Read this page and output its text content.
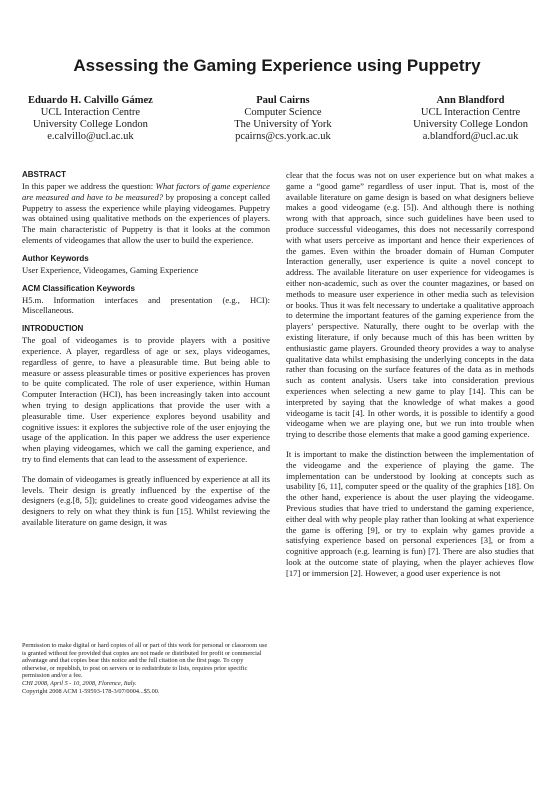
Assessing the Gaming Experience using Puppetry
Eduardo H. Calvillo Gámez
UCL Interaction Centre
University College London
e.calvillo@ucl.ac.uk
Paul Cairns
Computer Science
The University of York
pcairns@cs.york.ac.uk
Ann Blandford
UCL Interaction Centre
University College London
a.blandford@ucl.ac.uk
ABSTRACT

In this paper we address the question: What factors of game experience are measured and have to be measured? by proposing a concept called Puppetry to assess the experience while playing videogames. Puppetry was obtained using qualitative methods on the experiences of players. The main characteristic of Puppetry is that it looks at the common elements of videogames that allow the user to build the experience.

Author Keywords

User Experience, Videogames, Gaming Experience

ACM Classification Keywords

H5.m. Information interfaces and presentation (e.g., HCI): Miscellaneous.

INTRODUCTION

The goal of videogames is to provide players with a positive experience. A player, regardless of age or sex, plays videogames, regardless of genre, to have a pleasurable time. But being able to measure or assess pleasurable times or positive experiences has proven to be quite complicated. The role of user experience, within Human Computer Interaction (HCI), has been increasingly taken into account when trying to design applications that provide the user with a pleasurable time. User experience explores beyond usability and cognitive issues: it explores the subjective role of the user enjoying the usage of the application. In this paper we address the user experience when playing videogames, which we call the gaming experience, and try to find elements that can lead to the assessment of experience.

The domain of videogames is greatly influenced by experience at all its levels. Their design is greatly influenced by the expertise of the designers (e.g.[8, 5]); guidelines to create good videogames advise the designers to rely on what they think is fun [15]. Whilst reviewing the available literature on game design, it was

Permission to make digital or hard copies of all or part of this work for personal or classroom use is granted without fee provided that copies are not made or distributed for profit or commercial advantage and that copies bear this notice and the full citation on the first page. To copy otherwise, or republish, to post on servers or to redistribute to lists, requires prior specific permission and/or a fee.

CHI 2008, April 5 - 10, 2008, Florence, Italy.

Copyright 2008 ACM 1-59593-178-3/07/0004...$5.00.

clear that the focus was not on user experience but on what makes a game a “good game” regardless of user input. That is, most of the available literature on game design is based on what designers believe makes a good videogame (e.g. [5]). And although there is nothing wrong with that approach, since such guidelines have been used to produce successful videogames, this does not necessarily correspond with what users perceive as important and hence their experiences of the games. Even within the broader domain of Human Computer Interaction generally, user experience is quite a novel concept to address. The available literature on user experience for videogames is either non-academic, such as over the counter magazines, or based on methods to measure user experience in other media such as television or books. Thus it was felt necessary to undertake a qualitative approach to determine the important features of the gaming experience from the players’ perspective. Naturally, there ought to be overlap with the existing literature, if only because much of this has been written by enthusiastic game players. Grounded theory provides a way to analyse qualitative data whilst emphasising the underlying concepts in the data rather than focusing on the surface features of the data as in methods such as content analysis. Users take into consideration previous experiences when selecting a new game to play [14]. This can be interpreted by saying that the knowledge of what makes a good videogame is tacit [4]. In other words, it is possible to identify a good videogame when we are playing one, but we run into trouble when trying to describe those elements that make a good gaming experience.

It is important to make the distinction between the implementation of the videogame and the experience of playing the game. The implementation can be understood by looking at concepts such as usability [6, 11], computer speed or the quality of the graphics [18]. On the other hand, experience is about the user playing the videogame. Previous studies that have tried to understand the gaming experience, either deal with why people play rather than looking at what experience the game is offering [9], or try to explain why games provide a satisfying experience based on personal experiences [3], or from a cognitive approach (e.g. learning is fun) [7]. There are also studies that look at the outcome state of playing, when the player achieves flow [17] or immersion [2]. However, a good user experience is not
